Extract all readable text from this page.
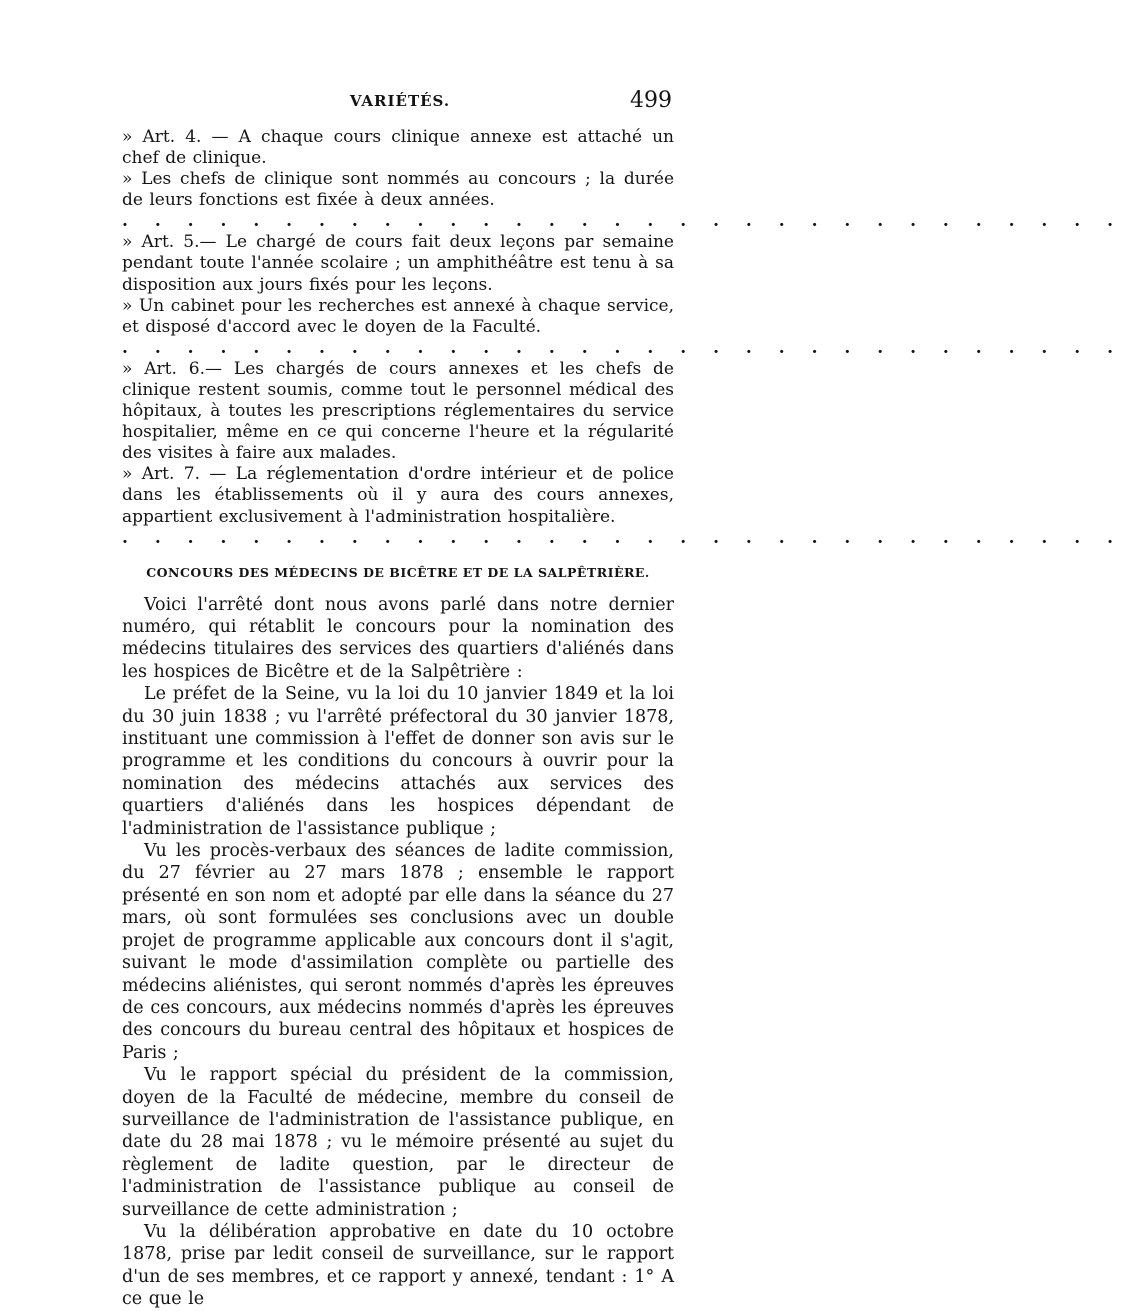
VARIÉTÉS.	499

» Art. 4. — A chaque cours clinique annexe est attaché un chef de clinique.

» Les chefs de clinique sont nommés au concours ; la durée de leurs fonctions est fixée à deux années.

. . . . . . . . . . . . . . . . . . . . . . . . . . . . . . .

» Art. 5.— Le chargé de cours fait deux leçons par semaine pendant toute l'année scolaire ; un amphithéâtre est tenu à sa disposition aux jours fixés pour les leçons.

» Un cabinet pour les recherches est annexé à chaque service, et disposé d'accord avec le doyen de la Faculté.

. . . . . . . . . . . . . . . . . . . . . . . . . . . . . . .

» Art. 6.— Les chargés de cours annexes et les chefs de clinique restent soumis, comme tout le personnel médical des hôpitaux, à toutes les prescriptions réglementaires du service hospitalier, même en ce qui concerne l'heure et la régularité des visites à faire aux malades.

» Art. 7. — La réglementation d'ordre intérieur et de police dans les établissements où il y aura des cours annexes, appartient exclusivement à l'administration hospitalière.

. . . . . . . . . . . . . . . . . . . . . . . . . . . . . . .
CONCOURS DES MÉDECINS DE BICÊTRE ET DE LA SALPÊTRIÈRE.

Voici l'arrêté dont nous avons parlé dans notre dernier numéro, qui rétablit le concours pour la nomination des médecins titulaires des services des quartiers d'aliénés dans les hospices de Bicêtre et de la Salpêtrière :

Le préfet de la Seine, vu la loi du 10 janvier 1849 et la loi du 30 juin 1838 ; vu l'arrêté préfectoral du 30 janvier 1878, instituant une commission à l'effet de donner son avis sur le programme et les conditions du concours à ouvrir pour la nomination des médecins attachés aux services des quartiers d'aliénés dans les hospices dépendant de l'administration de l'assistance publique ;

Vu les procès-verbaux des séances de ladite commission, du 27 février au 27 mars 1878 ; ensemble le rapport présenté en son nom et adopté par elle dans la séance du 27 mars, où sont formulées ses conclusions avec un double projet de programme applicable aux concours dont il s'agit, suivant le mode d'assimilation complète ou partielle des médecins aliénistes, qui seront nommés d'après les épreuves de ces concours, aux médecins nommés d'après les épreuves des concours du bureau central des hôpitaux et hospices de Paris ;

Vu le rapport spécial du président de la commission, doyen de la Faculté de médecine, membre du conseil de surveillance de l'administration de l'assistance publique, en date du 28 mai 1878 ; vu le mémoire présenté au sujet du règlement de ladite question, par le directeur de l'administration de l'assistance publique au conseil de surveillance de cette administration ;

Vu la délibération approbative en date du 10 octobre 1878, prise par ledit conseil de surveillance, sur le rapport d'un de ses membres, et ce rapport y annexé, tendant : 1° A ce que le
